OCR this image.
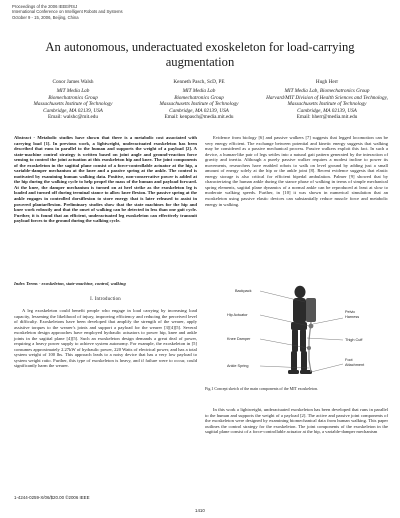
Proceedings of the 2006 IEEE/RSJ
International Conference on Intelligent Robots and Systems
October 9 - 15, 2006, Beijing, China
An autonomous, underactuated exoskeleton for load-carrying augmentation
Conor James Walsh
MIT Media Lab
Biomechatronics Group
Massachusetts Institute of Technology
Cambridge, MA 02139, USA
Email: walshc@mit.edu
Kenneth Pasch, ScD, PE
MIT Media Lab
Biomechatronics Group
Massachusetts Institute of Technology
Cambridge, MA 02139, USA
Email: kenpasch@media.mit.edu
Hugh Herr
MIT Media Lab, Biomechatronics Group
Harvard/MIT Division of Health Sciences and Technology,
Massachusetts Institute of Technology
Cambridge, MA 02139, USA
Email: hherr@media.mit.edu
Abstract - Metabolic studies have shown that there is a metabolic cost associated with carrying load [1]. In previous work, a lightweight, underactuated exoskeleton has been described that runs in parallel to the human and supports the weight of a payload [2]. A state-machine control strategy is written based on joint angle and ground-reaction force sensing to control the joint actuation at this exoskeleton hip and knee. The joint components of the exoskeleton in the sagittal plane consist of a force-controllable actuator at the hip, a variable-damper mechanism at the knee and a passive spring at the ankle. The control is motivated by examining human walking data. Positive, non-conservative power is added at the hip during the walking cycle to help propel the mass of the human and payload forward. At the knee, the damper mechanism is turned on at heel strike as the exoskeleton leg is loaded and turned off during terminal stance to allow knee flexion. The passive spring at the ankle engages in controlled dorsiflexion to store energy that is later released to assist in powered plantarflexion. Preliminary studies show that the state machines for the hip and knee work robustly and that the onset of walking can be detected in less than one gait cycle. Further, it is found that an efficient, underactuated leg exoskeleton can effectively transmit payload forces to the ground during the walking cycle.
Index Terms - exoskeleton, state-machine, control, walking
I. Introduction
A leg exoskeleton could benefit people who engage in load carrying by increasing load capacity, lessening the likelihood of injury, improving efficiency and reducing the perceived level of difficulty. Exoskeletons have been developed that amplify the strength of the wearer, apply assistive torques to the wearer's joints and support a payload for the wearer [3][4][5]. Several exoskeleton design approaches have employed hydraulic actuators to power hip, knee and ankle joints in the sagittal plane [4][5]. Such an exoskeleton design demands a great deal of power, requiring a heavy power supply to achieve system autonomy. For example, the exoskeleton in [5] consumes approximately 2.27kW of hydraulic power, 220 Watts of electrical power, and has a total system weight of 100 lbs. This approach leads to a noisy device that has a very low payload to system weight ratio. Further, this type of exoskeleton is heavy, and if failure were to occur, could significantly harm the wearer.
Evidence from biology [6] and passive walkers [7] suggests that legged locomotion can be very energy efficient. The exchange between potential and kinetic energy suggests that walking may be considered as a passive mechanical process. Passive walkers exploit this fact. In such a device, a human-like pair of legs settles into a natural gait pattern generated by the interaction of gravity and inertia. Although a purely passive walker requires a modest incline to power its movements, researchers have enabled robots to walk on level ground by adding just a small amount of energy solely at the hip or the ankle joint [8]. Recent evidence suggests that elastic energy storage is also critical for efficient bipedal ambulation. Palmer [9] showed that by characterizing the human ankle during the stance phase of walking in terms of simple mechanical spring elements, sagittal plane dynamics of a normal ankle can be reproduced at least at slow to moderate walking speeds. Further, in [10] it was shown in numerical simulation that an exoskeleton using passive elastic devices can substantially reduce muscle force and metabolic energy in walking.
Backpack
Hip Actuator
Knee Damper
Ankle Spring
Pelvic
Harness
Thigh Cuff
Foot
Attachment
Fig.1 Concept sketch of the main components of the MIT exoskeleton.
In this work a lightweight, underactuated exoskeleton has been developed that runs in parallel to the human and supports the weight of a payload [2]. The active and passive joint components of the exoskeleton were designed by examining biomechanical data from human walking. This paper outlines the control strategy for the exoskeleton. The joint components of the exoskeleton in the sagittal plane consist of a force-controllable actuator at the hip, a variable-damper mechanism
1-4244-0259-X/06/$20.00 ©2006 IEEE
1410
